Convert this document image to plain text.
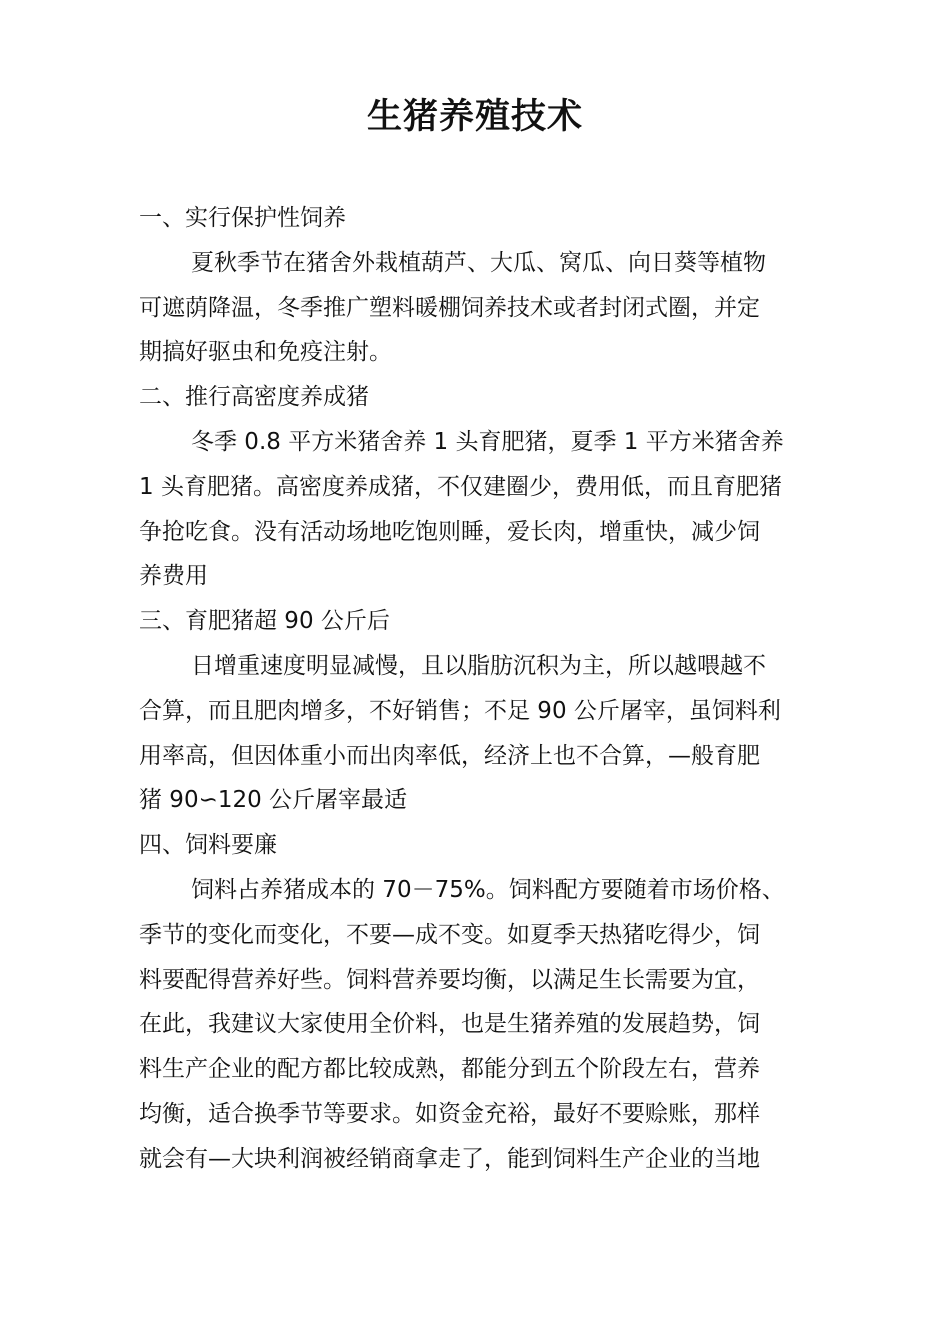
生猪养殖技术

一、实行保护性饲养

夏秋季节在猪舍外栽植葫芦、大瓜、窝瓜、向日葵等植物
可遮荫降温，冬季推广塑料暖棚饲养技术或者封闭式圈，并定
期搞好驱虫和免疫注射。

二、推行高密度养成猪

冬季 0.8 平方米猪舍养 1 头育肥猪，夏季 1 平方米猪舍养
1 头育肥猪。高密度养成猪，不仅建圈少，费用低，而且育肥猪
争抢吃食。没有活动场地吃饱则睡，爱长肉，增重快，减少饲
养费用

三、育肥猪超 90 公斤后

日增重速度明显减慢，且以脂肪沉积为主，所以越喂越不
合算，而且肥肉增多，不好销售；不足 90 公斤屠宰，虽饲料利
用率高，但因体重小而出肉率低，经济上也不合算，—般育肥
猪 90∽120 公斤屠宰最适

四、饲料要廉

饲料占养猪成本的 70－75%。饲料配方要随着市场价格、
季节的变化而变化，不要—成不变。如夏季天热猪吃得少，饲
料要配得营养好些。饲料营养要均衡，以满足生长需要为宜，
在此，我建议大家使用全价料，也是生猪养殖的发展趋势，饲
料生产企业的配方都比较成熟，都能分到五个阶段左右，营养
均衡，适合换季节等要求。如资金充裕，最好不要赊账，那样
就会有—大块利润被经销商拿走了，能到饲料生产企业的当地
